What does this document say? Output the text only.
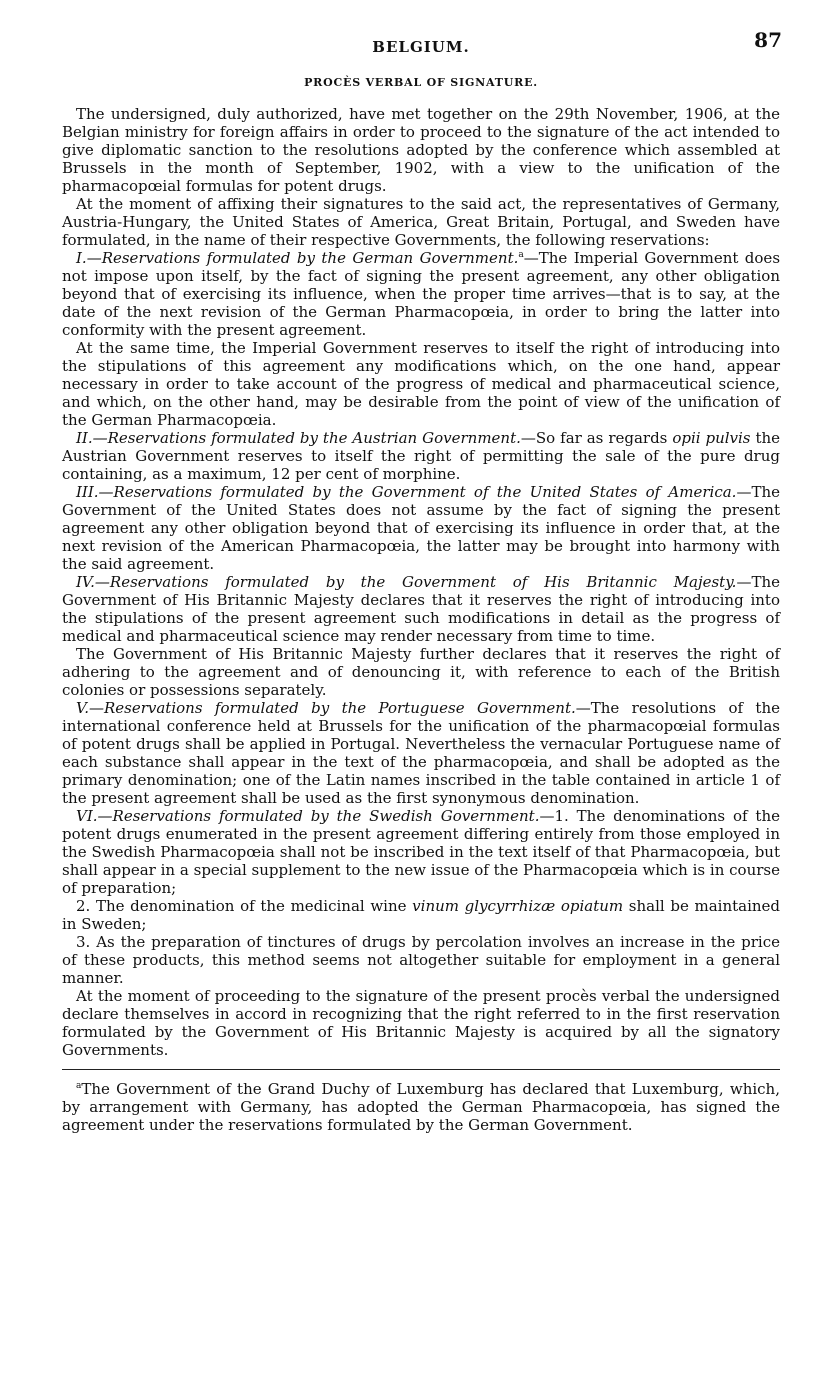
BELGIUM.	87
PROCÈS VERBAL OF SIGNATURE.

The undersigned, duly authorized, have met together on the 29th November, 1906, at the Belgian ministry for foreign affairs in order to proceed to the signature of the act intended to give diplomatic sanction to the resolutions adopted by the conference which assembled at Brussels in the month of September, 1902, with a view to the unification of the pharmacopœial formulas for potent drugs.

At the moment of affixing their signatures to the said act, the representatives of Germany, Austria-Hungary, the United States of America, Great Britain, Portugal, and Sweden have formulated, in the name of their respective Governments, the following reservations:

I.—Reservations formulated by the German Government.$^a$—The Imperial Government does not impose upon itself, by the fact of signing the present agreement, any other obligation beyond that of exercising its influence, when the proper time arrives—that is to say, at the date of the next revision of the German Pharmacopœia, in order to bring the latter into conformity with the present agreement.

At the same time, the Imperial Government reserves to itself the right of introducing into the stipulations of this agreement any modifications which, on the one hand, appear necessary in order to take account of the progress of medical and pharmaceutical science, and which, on the other hand, may be desirable from the point of view of the unification of the German Pharmacopœia.

II.—Reservations formulated by the Austrian Government.—So far as regards opii pulvis the Austrian Government reserves to itself the right of permitting the sale of the pure drug containing, as a maximum, 12 per cent of morphine.

III.—Reservations formulated by the Government of the United States of America.—The Government of the United States does not assume by the fact of signing the present agreement any other obligation beyond that of exercising its influence in order that, at the next revision of the American Pharmacopœia, the latter may be brought into harmony with the said agreement.

IV.—Reservations formulated by the Government of His Britannic Majesty.—The Government of His Britannic Majesty declares that it reserves the right of introducing into the stipulations of the present agreement such modifications in detail as the progress of medical and pharmaceutical science may render necessary from time to time.

The Government of His Britannic Majesty further declares that it reserves the right of adhering to the agreement and of denouncing it, with reference to each of the British colonies or possessions separately.

V.—Reservations formulated by the Portuguese Government.—The resolutions of the international conference held at Brussels for the unification of the pharmacopœial formulas of potent drugs shall be applied in Portugal. Nevertheless the vernacular Portuguese name of each substance shall appear in the text of the pharmacopœia, and shall be adopted as the primary denomination; one of the Latin names inscribed in the table contained in article 1 of the present agreement shall be used as the first synonymous denomination.

VI.—Reservations formulated by the Swedish Government.—1. The denominations of the potent drugs enumerated in the present agreement differing entirely from those employed in the Swedish Pharmacopœia shall not be inscribed in the text itself of that Pharmacopœia, but shall appear in a special supplement to the new issue of the Pharmacopœia which is in course of preparation;

2. The denomination of the medicinal wine vinum glycyrrhizæ opiatum shall be maintained in Sweden;

3. As the preparation of tinctures of drugs by percolation involves an increase in the price of these products, this method seems not altogether suitable for employment in a general manner.

At the moment of proceeding to the signature of the present procès verbal the undersigned declare themselves in accord in recognizing that the right referred to in the first reservation formulated by the Government of His Britannic Majesty is acquired by all the signatory Governments.

$^a$The Government of the Grand Duchy of Luxemburg has declared that Luxemburg, which, by arrangement with Germany, has adopted the German Pharmacopœia, has signed the agreement under the reservations formulated by the German Government.
